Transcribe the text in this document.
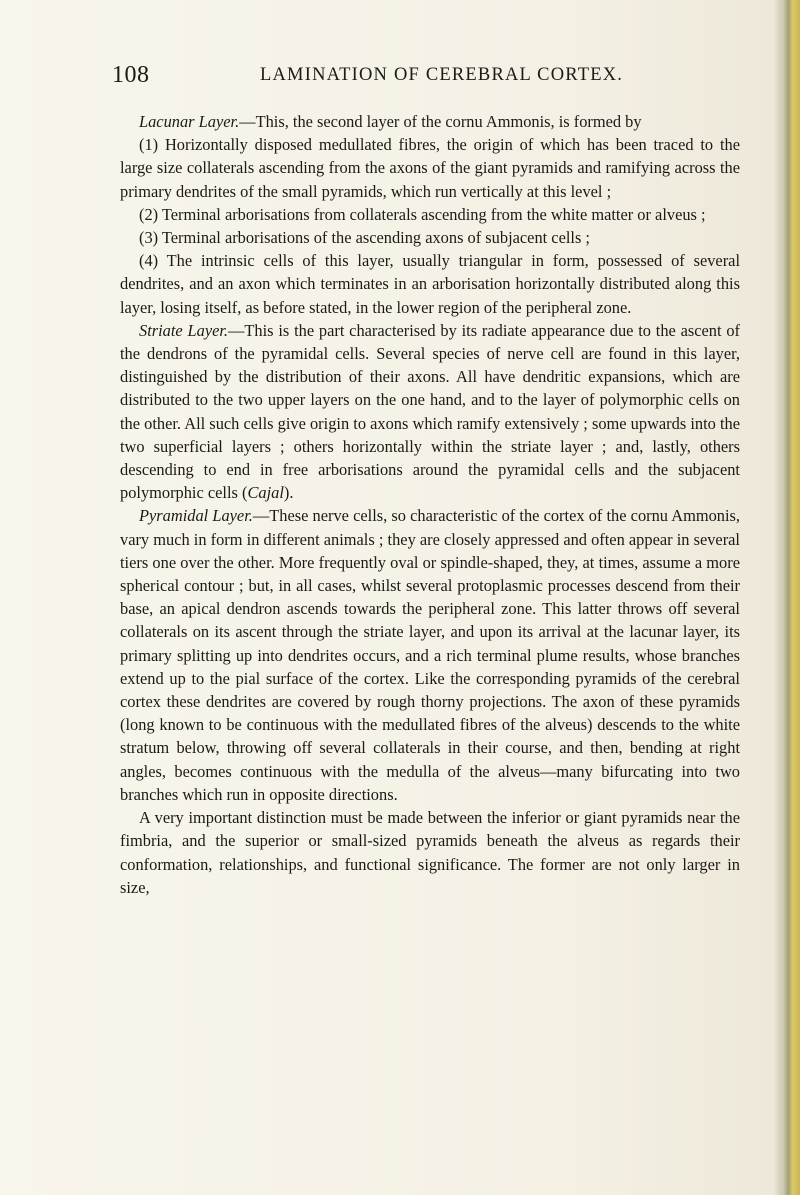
108	LAMINATION OF CEREBRAL CORTEX.

Lacunar Layer.—This, the second layer of the cornu Ammonis, is formed by

(1) Horizontally disposed medullated fibres, the origin of which has been traced to the large size collaterals ascending from the axons of the giant pyramids and ramifying across the primary dendrites of the small pyramids, which run vertically at this level ;

(2) Terminal arborisations from collaterals ascending from the white matter or alveus ;

(3) Terminal arborisations of the ascending axons of subjacent cells ;

(4) The intrinsic cells of this layer, usually triangular in form, possessed of several dendrites, and an axon which terminates in an arborisation horizontally distributed along this layer, losing itself, as before stated, in the lower region of the peripheral zone.

Striate Layer.—This is the part characterised by its radiate appearance due to the ascent of the dendrons of the pyramidal cells. Several species of nerve cell are found in this layer, distinguished by the distribution of their axons. All have dendritic expansions, which are distributed to the two upper layers on the one hand, and to the layer of polymorphic cells on the other. All such cells give origin to axons which ramify extensively ; some upwards into the two superficial layers ; others horizontally within the striate layer ; and, lastly, others descending to end in free arborisations around the pyramidal cells and the subjacent polymorphic cells (Cajal).

Pyramidal Layer.—These nerve cells, so characteristic of the cortex of the cornu Ammonis, vary much in form in different animals ; they are closely appressed and often appear in several tiers one over the other. More frequently oval or spindle-shaped, they, at times, assume a more spherical contour ; but, in all cases, whilst several protoplasmic processes descend from their base, an apical dendron ascends towards the peripheral zone. This latter throws off several collaterals on its ascent through the striate layer, and upon its arrival at the lacunar layer, its primary splitting up into dendrites occurs, and a rich terminal plume results, whose branches extend up to the pial surface of the cortex. Like the corresponding pyramids of the cerebral cortex these dendrites are covered by rough thorny projections. The axon of these pyramids (long known to be continuous with the medullated fibres of the alveus) descends to the white stratum below, throwing off several collaterals in their course, and then, bending at right angles, becomes continuous with the medulla of the alveus—many bifurcating into two branches which run in opposite directions.

A very important distinction must be made between the inferior or giant pyramids near the fimbria, and the superior or small-sized pyramids beneath the alveus as regards their conformation, relationships, and functional significance. The former are not only larger in size,
